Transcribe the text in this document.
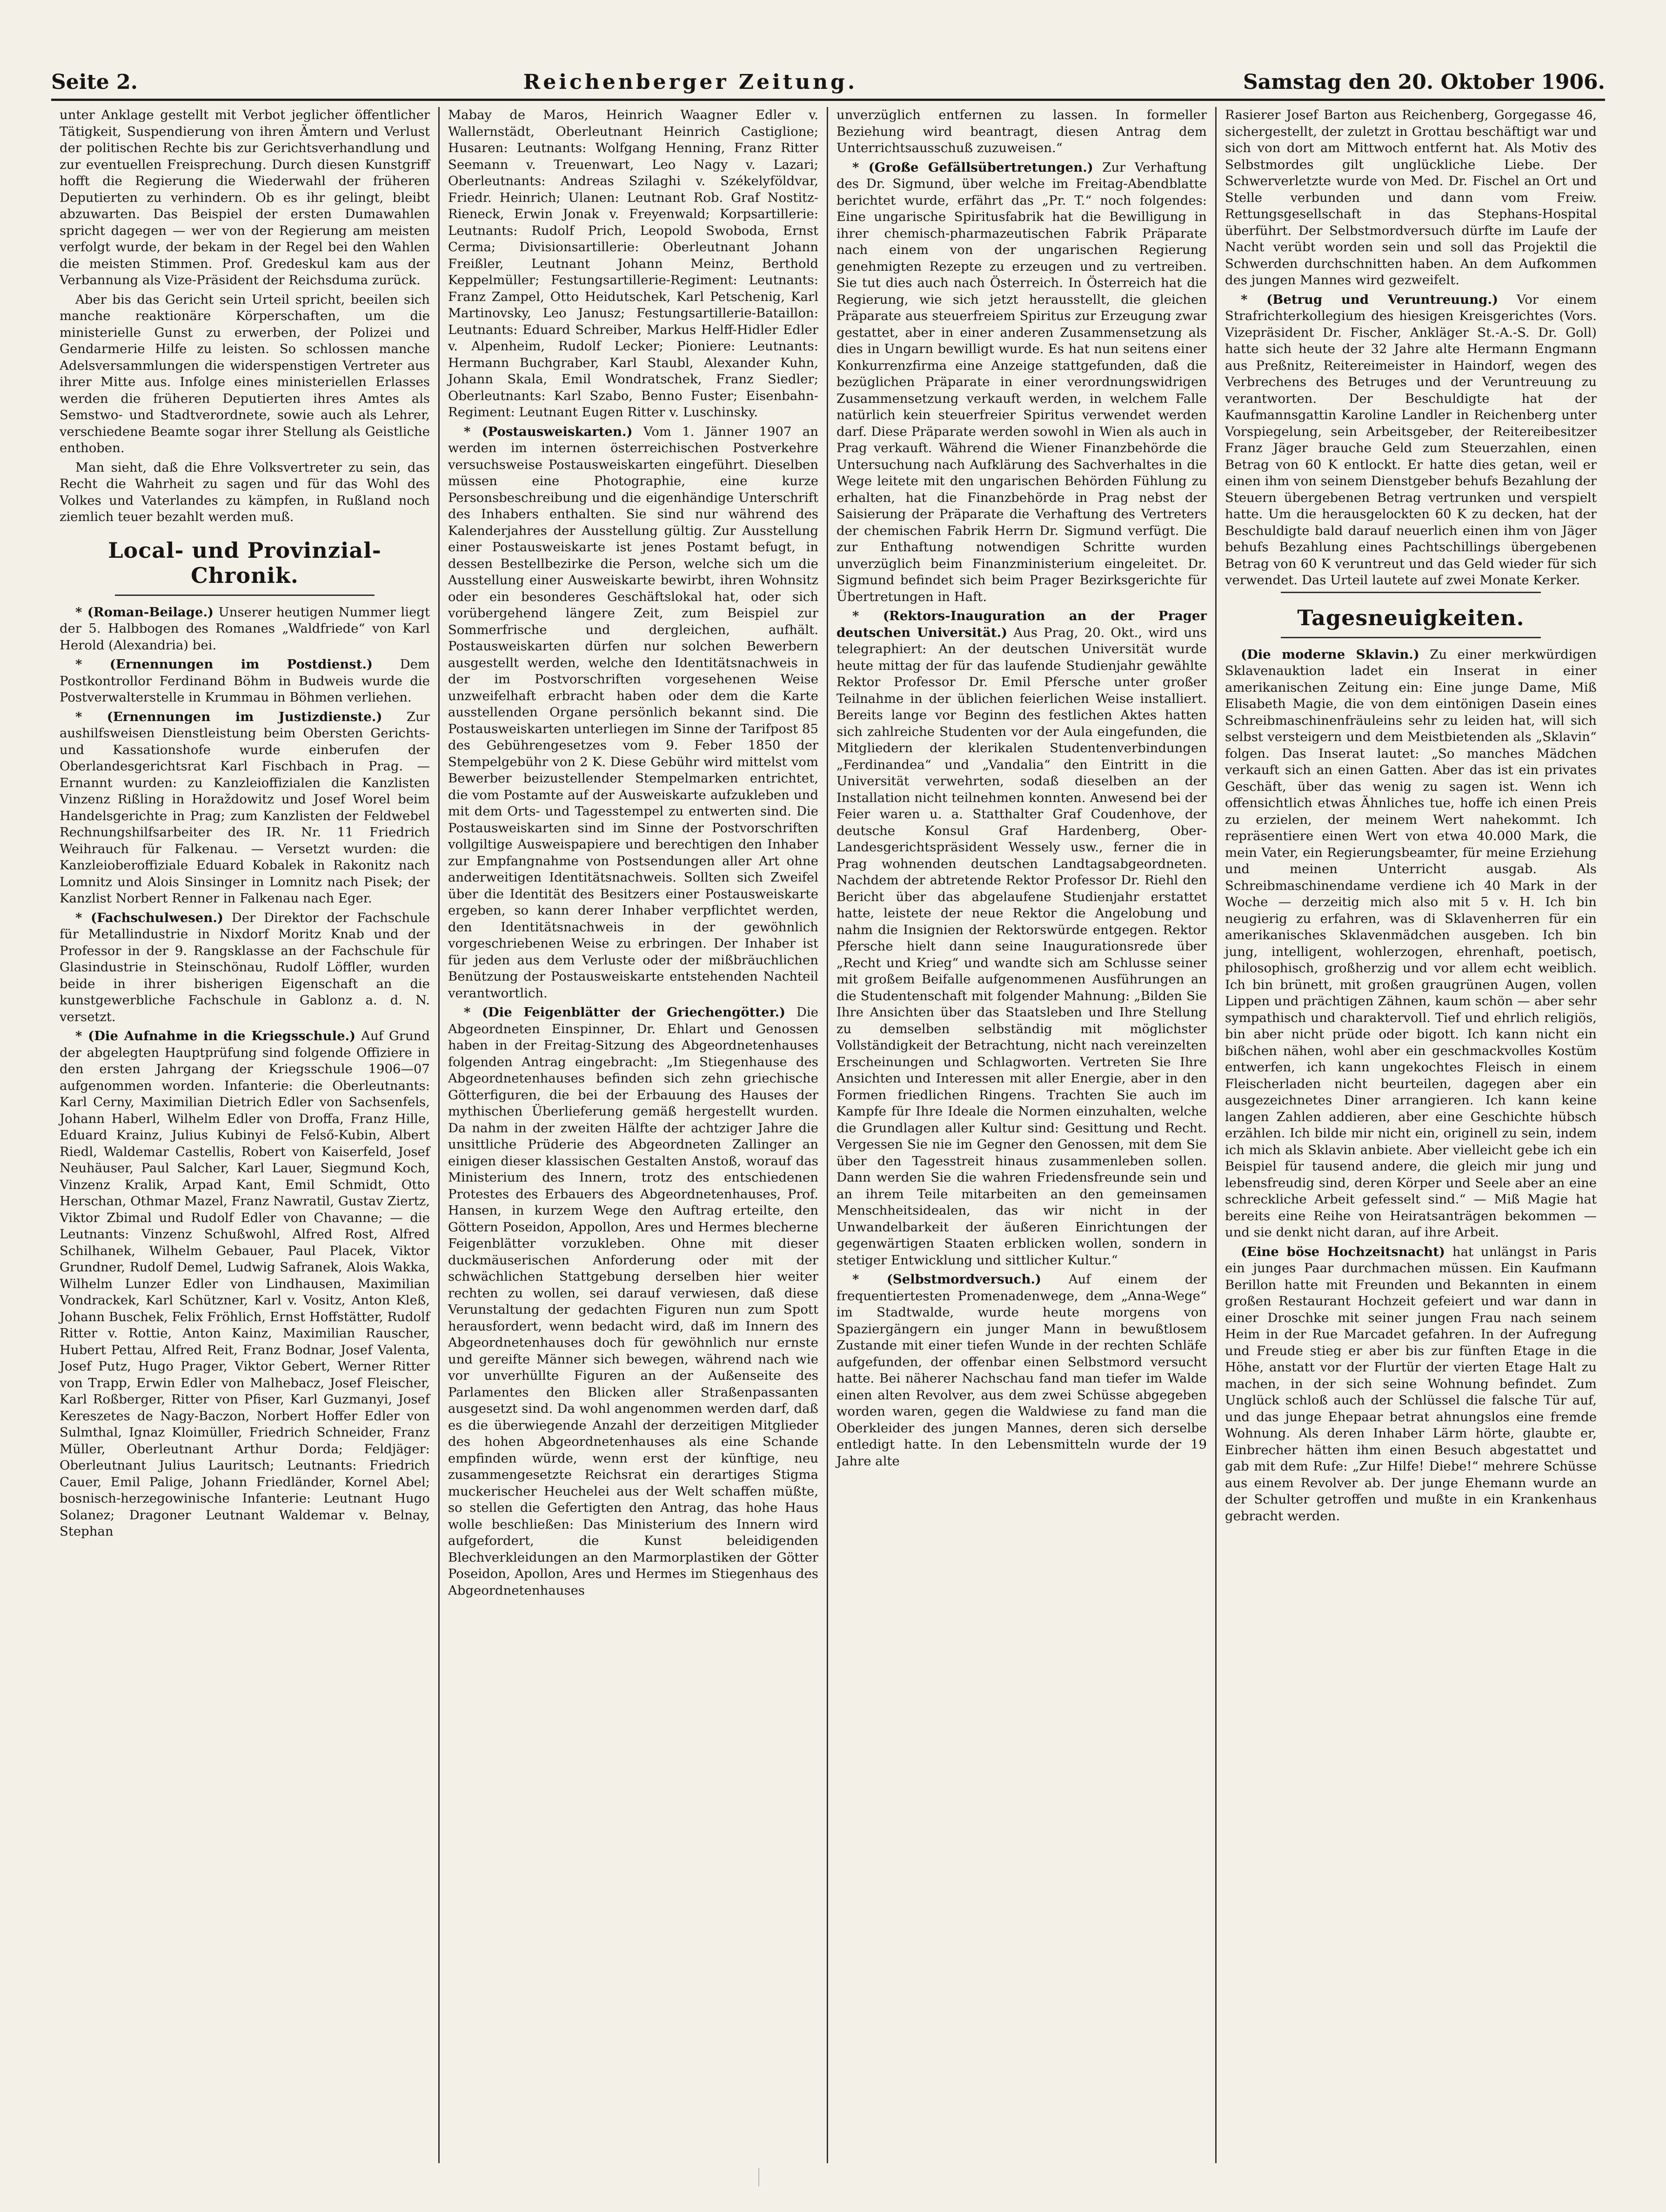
Seite 2.	Reichenberger Zeitung.	Samstag den 20. Oktober 1906.

unter Anklage gestellt mit Verbot jeglicher öffentlicher Tätigkeit, Suspendierung von ihren Ämtern und Verlust der politischen Rechte bis zur Gerichtsverhandlung und zur eventuellen Freisprechung. Durch diesen Kunstgriff hofft die Regierung die Wiederwahl der früheren Deputierten zu verhindern. Ob es ihr gelingt, bleibt abzuwarten. Das Beispiel der ersten Dumawahlen spricht dagegen — wer von der Regierung am meisten verfolgt wurde, der bekam in der Regel bei den Wahlen die meisten Stimmen. Prof. Gredeskul kam aus der Verbannung als Vize-Präsident der Reichsduma zurück.

Aber bis das Gericht sein Urteil spricht, beeilen sich manche reaktionäre Körperschaften, um die ministerielle Gunst zu erwerben, der Polizei und Gendarmerie Hilfe zu leisten. So schlossen manche Adelsversammlungen die widerspenstigen Vertreter aus ihrer Mitte aus. Infolge eines ministeriellen Erlasses werden die früheren Deputierten ihres Amtes als Semstwo- und Stadtverordnete, sowie auch als Lehrer, verschiedene Beamte sogar ihrer Stellung als Geistliche enthoben.

Man sieht, daß die Ehre Volksvertreter zu sein, das Recht die Wahrheit zu sagen und für das Wohl des Volkes und Vaterlandes zu kämpfen, in Rußland noch ziemlich teuer bezahlt werden muß.

Local- und Provinzial-Chronik.

* (Roman-Beilage.) Unserer heutigen Nummer liegt der 5. Halbbogen des Romanes „Waldfriede“ von Karl Herold (Alexandria) bei.

* (Ernennungen im Postdienst.) Dem Postkontrollor Ferdinand Böhm in Budweis wurde die Postverwalterstelle in Krummau in Böhmen verliehen.

* (Ernennungen im Justizdienste.) Zur aushilfsweisen Dienstleistung beim Obersten Gerichts- und Kassationshofe wurde einberufen der Oberlandesgerichtsrat Karl Fischbach in Prag. — Ernannt wurden: zu Kanzleioffizialen die Kanzlisten Vinzenz Rißling in Horaždowitz und Josef Worel beim Handelsgerichte in Prag; zum Kanzlisten der Feldwebel Rechnungshilfsarbeiter des IR. Nr. 11 Friedrich Weihrauch für Falkenau. — Versetzt wurden: die Kanzleioberoffiziale Eduard Kobalek in Rakonitz nach Lomnitz und Alois Sinsinger in Lomnitz nach Pisek; der Kanzlist Norbert Renner in Falkenau nach Eger.

* (Fachschulwesen.) Der Direktor der Fachschule für Metallindustrie in Nixdorf Moritz Knab und der Professor in der 9. Rangsklasse an der Fachschule für Glasindustrie in Steinschönau, Rudolf Löffler, wurden beide in ihrer bisherigen Eigenschaft an die kunstgewerbliche Fachschule in Gablonz a. d. N. versetzt.

* (Die Aufnahme in die Kriegsschule.) Auf Grund der abgelegten Hauptprüfung sind folgende Offiziere in den ersten Jahrgang der Kriegsschule 1906—07 aufgenommen worden. Infanterie: die Oberleutnants: Karl Cerny, Maximilian Dietrich Edler von Sachsenfels, Johann Haberl, Wilhelm Edler von Droffa, Franz Hille, Eduard Krainz, Julius Kubinyi de Felső-Kubin, Albert Riedl, Waldemar Castellis, Robert von Kaiserfeld, Josef Neuhäuser, Paul Salcher, Karl Lauer, Siegmund Koch, Vinzenz Kralik, Arpad Kant, Emil Schmidt, Otto Herschan, Othmar Mazel, Franz Nawratil, Gustav Ziertz, Viktor Zbimal und Rudolf Edler von Chavanne; — die Leutnants: Vinzenz Schußwohl, Alfred Rost, Alfred Schilhanek, Wilhelm Gebauer, Paul Placek, Viktor Grundner, Rudolf Demel, Ludwig Safranek, Alois Wakka, Wilhelm Lunzer Edler von Lindhausen, Maximilian Vondrackek, Karl Schützner, Karl v. Vositz, Anton Kleß, Johann Buschek, Felix Fröhlich, Ernst Hoffstätter, Rudolf Ritter v. Rottie, Anton Kainz, Maximilian Rauscher, Hubert Pettau, Alfred Reit, Franz Bodnar, Josef Valenta, Josef Putz, Hugo Prager, Viktor Gebert, Werner Ritter von Trapp, Erwin Edler von Malhebacz, Josef Fleischer, Karl Roßberger, Ritter von Pfiser, Karl Guzmanyi, Josef Kereszetes de Nagy-Baczon, Norbert Hoffer Edler von Sulmthal, Ignaz Kloimüller, Friedrich Schneider, Franz Müller, Oberleutnant Arthur Dorda; Feldjäger: Oberleutnant Julius Lauritsch; Leutnants: Friedrich Cauer, Emil Palige, Johann Friedländer, Kornel Abel; bosnisch-herzegowinische Infanterie: Leutnant Hugo Solanez; Dragoner Leutnant Waldemar v. Belnay, Stephan

Mabay de Maros, Heinrich Waagner Edler v. Wallernstädt, Oberleutnant Heinrich Castiglione; Husaren: Leutnants: Wolfgang Henning, Franz Ritter Seemann v. Treuenwart, Leo Nagy v. Lazari; Oberleutnants: Andreas Szilaghi v. Székelyföldvar, Friedr. Heinrich; Ulanen: Leutnant Rob. Graf Nostitz-Rieneck, Erwin Jonak v. Freyenwald; Korpsartillerie: Leutnants: Rudolf Prich, Leopold Swoboda, Ernst Cerma; Divisionsartillerie: Oberleutnant Johann Freißler, Leutnant Johann Meinz, Berthold Keppelmüller; Festungsartillerie-Regiment: Leutnants: Franz Zampel, Otto Heidutschek, Karl Petschenig, Karl Martinovsky, Leo Janusz; Festungsartillerie-Bataillon: Leutnants: Eduard Schreiber, Markus Helff-Hidler Edler v. Alpenheim, Rudolf Lecker; Pioniere: Leutnants: Hermann Buchgraber, Karl Staubl, Alexander Kuhn, Johann Skala, Emil Wondratschek, Franz Siedler; Oberleutnants: Karl Szabo, Benno Fuster; Eisenbahn-Regiment: Leutnant Eugen Ritter v. Luschinsky.

* (Postausweiskarten.) Vom 1. Jänner 1907 an werden im internen österreichischen Postverkehre versuchsweise Postausweiskarten eingeführt. Dieselben müssen eine Photographie, eine kurze Personsbeschreibung und die eigenhändige Unterschrift des Inhabers enthalten. Sie sind nur während des Kalenderjahres der Ausstellung gültig. Zur Ausstellung einer Postausweiskarte ist jenes Postamt befugt, in dessen Bestellbezirke die Person, welche sich um die Ausstellung einer Ausweiskarte bewirbt, ihren Wohnsitz oder ein besonderes Geschäftslokal hat, oder sich vorübergehend längere Zeit, zum Beispiel zur Sommerfrische und dergleichen, aufhält. Postausweiskarten dürfen nur solchen Bewerbern ausgestellt werden, welche den Identitätsnachweis in der im Postvorschriften vorgesehenen Weise unzweifelhaft erbracht haben oder dem die Karte ausstellenden Organe persönlich bekannt sind. Die Postausweiskarten unterliegen im Sinne der Tarifpost 85 des Gebührengesetzes vom 9. Feber 1850 der Stempelgebühr von 2 K. Diese Gebühr wird mittelst vom Bewerber beizustellender Stempelmarken entrichtet, die vom Postamte auf der Ausweiskarte aufzukleben und mit dem Orts- und Tagesstempel zu entwerten sind. Die Postausweiskarten sind im Sinne der Postvorschriften vollgiltige Ausweispapiere und berechtigen den Inhaber zur Empfangnahme von Postsendungen aller Art ohne anderweitigen Identitätsnachweis. Sollten sich Zweifel über die Identität des Besitzers einer Postausweiskarte ergeben, so kann derer Inhaber verpflichtet werden, den Identitätsnachweis in der gewöhnlich vorgeschriebenen Weise zu erbringen. Der Inhaber ist für jeden aus dem Verluste oder der mißbräuchlichen Benützung der Postausweiskarte entstehenden Nachteil verantwortlich.

* (Die Feigenblätter der Griechengötter.) Die Abgeordneten Einspinner, Dr. Ehlart und Genossen haben in der Freitag-Sitzung des Abgeordnetenhauses folgenden Antrag eingebracht: „Im Stiegenhause des Abgeordnetenhauses befinden sich zehn griechische Götterfiguren, die bei der Erbauung des Hauses der mythischen Überlieferung gemäß hergestellt wurden. Da nahm in der zweiten Hälfte der achtziger Jahre die unsittliche Prüderie des Abgeordneten Zallinger an einigen dieser klassischen Gestalten Anstoß, worauf das Ministerium des Innern, trotz des entschiedenen Protestes des Erbauers des Abgeordnetenhauses, Prof. Hansen, in kurzem Wege den Auftrag erteilte, den Göttern Poseidon, Appollon, Ares und Hermes blecherne Feigenblätter vorzukleben. Ohne mit dieser duckmäuserischen Anforderung oder mit der schwächlichen Stattgebung derselben hier weiter rechten zu wollen, sei darauf verwiesen, daß diese Verunstaltung der gedachten Figuren nun zum Spott herausfordert, wenn bedacht wird, daß im Innern des Abgeordnetenhauses doch für gewöhnlich nur ernste und gereifte Männer sich bewegen, während nach wie vor unverhüllte Figuren an der Außenseite des Parlamentes den Blicken aller Straßenpassanten ausgesetzt sind. Da wohl angenommen werden darf, daß es die überwiegende Anzahl der derzeitigen Mitglieder des hohen Abgeordnetenhauses als eine Schande empfinden würde, wenn erst der künftige, neu zusammengesetzte Reichsrat ein derartiges Stigma muckerischer Heuchelei aus der Welt schaffen müßte, so stellen die Gefertigten den Antrag, das hohe Haus wolle beschließen: Das Ministerium des Innern wird aufgefordert, die Kunst beleidigenden Blechverkleidungen an den Marmorplastiken der Götter Poseidon, Apollon, Ares und Hermes im Stiegenhaus des Abgeordnetenhauses

unverzüglich entfernen zu lassen. In formeller Beziehung wird beantragt, diesen Antrag dem Unterrichtsausschuß zuzuweisen.“

* (Große Gefällsübertretungen.) Zur Verhaftung des Dr. Sigmund, über welche im Freitag-Abendblatte berichtet wurde, erfährt das „Pr. T.“ noch folgendes: Eine ungarische Spiritusfabrik hat die Bewilligung in ihrer chemisch-pharmazeutischen Fabrik Präparate nach einem von der ungarischen Regierung genehmigten Rezepte zu erzeugen und zu vertreiben. Sie tut dies auch nach Österreich. In Österreich hat die Regierung, wie sich jetzt herausstellt, die gleichen Präparate aus steuerfreiem Spiritus zur Erzeugung zwar gestattet, aber in einer anderen Zusammensetzung als dies in Ungarn bewilligt wurde. Es hat nun seitens einer Konkurrenzfirma eine Anzeige stattgefunden, daß die bezüglichen Präparate in einer verordnungswidrigen Zusammensetzung verkauft werden, in welchem Falle natürlich kein steuerfreier Spiritus verwendet werden darf. Diese Präparate werden sowohl in Wien als auch in Prag verkauft. Während die Wiener Finanzbehörde die Untersuchung nach Aufklärung des Sachverhaltes in die Wege leitete mit den ungarischen Behörden Fühlung zu erhalten, hat die Finanzbehörde in Prag nebst der Saisierung der Präparate die Verhaftung des Vertreters der chemischen Fabrik Herrn Dr. Sigmund verfügt. Die zur Enthaftung notwendigen Schritte wurden unverzüglich beim Finanzministerium eingeleitet. Dr. Sigmund befindet sich beim Prager Bezirksgerichte für Übertretungen in Haft.

* (Rektors-Inauguration an der Prager deutschen Universität.) Aus Prag, 20. Okt., wird uns telegraphiert: An der deutschen Universität wurde heute mittag der für das laufende Studienjahr gewählte Rektor Professor Dr. Emil Pfersche unter großer Teilnahme in der üblichen feierlichen Weise installiert. Bereits lange vor Beginn des festlichen Aktes hatten sich zahlreiche Studenten vor der Aula eingefunden, die Mitgliedern der klerikalen Studentenverbindungen „Ferdinandea“ und „Vandalia“ den Eintritt in die Universität verwehrten, sodaß dieselben an der Installation nicht teilnehmen konnten. Anwesend bei der Feier waren u. a. Statthalter Graf Coudenhove, der deutsche Konsul Graf Hardenberg, Ober-Landesgerichtspräsident Wessely usw., ferner die in Prag wohnenden deutschen Landtagsabgeordneten. Nachdem der abtretende Rektor Professor Dr. Riehl den Bericht über das abgelaufene Studienjahr erstattet hatte, leistete der neue Rektor die Angelobung und nahm die Insignien der Rektorswürde entgegen. Rektor Pfersche hielt dann seine Inaugurationsrede über „Recht und Krieg“ und wandte sich am Schlusse seiner mit großem Beifalle aufgenommenen Ausführungen an die Studentenschaft mit folgender Mahnung: „Bilden Sie Ihre Ansichten über das Staatsleben und Ihre Stellung zu demselben selbständig mit möglichster Vollständigkeit der Betrachtung, nicht nach vereinzelten Erscheinungen und Schlagworten. Vertreten Sie Ihre Ansichten und Interessen mit aller Energie, aber in den Formen friedlichen Ringens. Trachten Sie auch im Kampfe für Ihre Ideale die Normen einzuhalten, welche die Grundlagen aller Kultur sind: Gesittung und Recht. Vergessen Sie nie im Gegner den Genossen, mit dem Sie über den Tagesstreit hinaus zusammenleben sollen. Dann werden Sie die wahren Friedensfreunde sein und an ihrem Teile mitarbeiten an den gemeinsamen Menschheitsidealen, das wir nicht in der Unwandelbarkeit der äußeren Einrichtungen der gegenwärtigen Staaten erblicken wollen, sondern in stetiger Entwicklung und sittlicher Kultur.“

* (Selbstmordversuch.) Auf einem der frequentiertesten Promenadenwege, dem „Anna-Wege“ im Stadtwalde, wurde heute morgens von Spaziergängern ein junger Mann in bewußtlosem Zustande mit einer tiefen Wunde in der rechten Schläfe aufgefunden, der offenbar einen Selbstmord versucht hatte. Bei näherer Nachschau fand man tiefer im Walde einen alten Revolver, aus dem zwei Schüsse abgegeben worden waren, gegen die Waldwiese zu fand man die Oberkleider des jungen Mannes, deren sich derselbe entledigt hatte. In den Lebensmitteln wurde der 19 Jahre alte

Rasierer Josef Barton aus Reichenberg, Gorgegasse 46, sichergestellt, der zuletzt in Grottau beschäftigt war und sich von dort am Mittwoch entfernt hat. Als Motiv des Selbstmordes gilt unglückliche Liebe. Der Schwerverletzte wurde von Med. Dr. Fischel an Ort und Stelle verbunden und dann vom Freiw. Rettungsgesellschaft in das Stephans-Hospital überführt. Der Selbstmordversuch dürfte im Laufe der Nacht verübt worden sein und soll das Projektil die Schwerden durchschnitten haben. An dem Aufkommen des jungen Mannes wird gezweifelt.

* (Betrug und Veruntreuung.) Vor einem Strafrichterkollegium des hiesigen Kreisgerichtes (Vors. Vizepräsident Dr. Fischer, Ankläger St.-A.-S. Dr. Goll) hatte sich heute der 32 Jahre alte Hermann Engmann aus Preßnitz, Reitereimeister in Haindorf, wegen des Verbrechens des Betruges und der Veruntreuung zu verantworten. Der Beschuldigte hat der Kaufmannsgattin Karoline Landler in Reichenberg unter Vorspiegelung, sein Arbeitsgeber, der Reitereibesitzer Franz Jäger brauche Geld zum Steuerzahlen, einen Betrag von 60 K entlockt. Er hatte dies getan, weil er einen ihm von seinem Dienstgeber behufs Bezahlung der Steuern übergebenen Betrag vertrunken und verspielt hatte. Um die herausgelockten 60 K zu decken, hat der Beschuldigte bald darauf neuerlich einen ihm von Jäger behufs Bezahlung eines Pachtschillings übergebenen Betrag von 60 K veruntreut und das Geld wieder für sich verwendet. Das Urteil lautete auf zwei Monate Kerker.

Tagesneuigkeiten.

(Die moderne Sklavin.) Zu einer merkwürdigen Sklavenauktion ladet ein Inserat in einer amerikanischen Zeitung ein: Eine junge Dame, Miß Elisabeth Magie, die von dem eintönigen Dasein eines Schreibmaschinenfräuleins sehr zu leiden hat, will sich selbst versteigern und dem Meistbietenden als „Sklavin“ folgen. Das Inserat lautet: „So manches Mädchen verkauft sich an einen Gatten. Aber das ist ein privates Geschäft, über das wenig zu sagen ist. Wenn ich offensichtlich etwas Ähnliches tue, hoffe ich einen Preis zu erzielen, der meinem Wert nahekommt. Ich repräsentiere einen Wert von etwa 40.000 Mark, die mein Vater, ein Regierungsbeamter, für meine Erziehung und meinen Unterricht ausgab. Als Schreibmaschinendame verdiene ich 40 Mark in der Woche — derzeitig mich also mit 5 v. H. Ich bin neugierig zu erfahren, was di Sklavenherren für ein amerikanisches Sklavenmädchen ausgeben. Ich bin jung, intelligent, wohlerzogen, ehrenhaft, poetisch, philosophisch, großherzig und vor allem echt weiblich. Ich bin brünett, mit großen graugrünen Augen, vollen Lippen und prächtigen Zähnen, kaum schön — aber sehr sympathisch und charaktervoll. Tief und ehrlich religiös, bin aber nicht prüde oder bigott. Ich kann nicht ein bißchen nähen, wohl aber ein geschmackvolles Kostüm entwerfen, ich kann ungekochtes Fleisch in einem Fleischerladen nicht beurteilen, dagegen aber ein ausgezeichnetes Diner arrangieren. Ich kann keine langen Zahlen addieren, aber eine Geschichte hübsch erzählen. Ich bilde mir nicht ein, originell zu sein, indem ich mich als Sklavin anbiete. Aber vielleicht gebe ich ein Beispiel für tausend andere, die gleich mir jung und lebensfreudig sind, deren Körper und Seele aber an eine schreckliche Arbeit gefesselt sind.“ — Miß Magie hat bereits eine Reihe von Heiratsanträgen bekommen — und sie denkt nicht daran, auf ihre Arbeit.

(Eine böse Hochzeitsnacht) hat unlängst in Paris ein junges Paar durchmachen müssen. Ein Kaufmann Berillon hatte mit Freunden und Bekannten in einem großen Restaurant Hochzeit gefeiert und war dann in einer Droschke mit seiner jungen Frau nach seinem Heim in der Rue Marcadet gefahren. In der Aufregung und Freude stieg er aber bis zur fünften Etage in die Höhe, anstatt vor der Flurtür der vierten Etage Halt zu machen, in der sich seine Wohnung befindet. Zum Unglück schloß auch der Schlüssel die falsche Tür auf, und das junge Ehepaar betrat ahnungslos eine fremde Wohnung. Als deren Inhaber Lärm hörte, glaubte er, Einbrecher hätten ihm einen Besuch abgestattet und gab mit dem Rufe: „Zur Hilfe! Diebe!“ mehrere Schüsse aus einem Revolver ab. Der junge Ehemann wurde an der Schulter getroffen und mußte in ein Krankenhaus gebracht werden.
